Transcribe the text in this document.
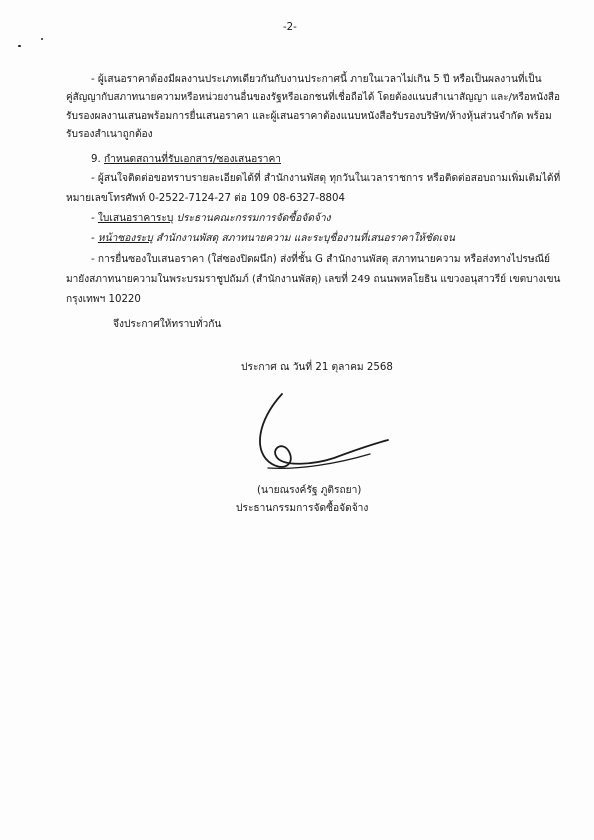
-2-
- ผู้เสนอราคาต้องมีผลงานประเภทเดียวกันกับงานประกาศนี้ ภายในเวลาไม่เกิน 5 ปี หรือเป็นผลงานที่เป็น
คู่สัญญากับสภาทนายความหรือหน่วยงานอื่นของรัฐหรือเอกชนที่เชื่อถือได้ โดยต้องแนบสำเนาสัญญา และ/หรือหนังสือ
รับรองผลงานเสนอพร้อมการยื่นเสนอราคา และผู้เสนอราคาต้องแนบหนังสือรับรองบริษัท/ห้างหุ้นส่วนจำกัด พร้อม
รับรองสำเนาถูกต้อง
9. กำหนดสถานที่รับเอกสาร/ซองเสนอราคา
- ผู้สนใจติดต่อขอทราบรายละเอียดได้ที่ สำนักงานพัสดุ ทุกวันในเวลาราชการ หรือติดต่อสอบถามเพิ่มเติมได้ที่
หมายเลขโทรศัพท์ 0-2522-7124-27 ต่อ 109 08-6327-8804
- ใบเสนอราคาระบุ ประธานคณะกรรมการจัดซื้อจัดจ้าง
- หน้าซองระบุ สำนักงานพัสดุ สภาทนายความ และระบุชื่องานที่เสนอราคาให้ชัดเจน
- การยื่นซองใบเสนอราคา (ใส่ซองปิดผนึก) ส่งที่ชั้น G สำนักงานพัสดุ สภาทนายความ หรือส่งทางไปรษณีย์
มายังสภาทนายความในพระบรมราชูปถัมภ์ (สำนักงานพัสดุ) เลขที่ 249 ถนนพหลโยธิน แขวงอนุสาวรีย์ เขตบางเขน
กรุงเทพฯ 10220
จึงประกาศให้ทราบทั่วกัน
ประกาศ ณ วันที่ 21 ตุลาคม 2568
(นายณรงค์รัฐ ภูติรถยา)
ประธานกรรมการจัดซื้อจัดจ้าง
